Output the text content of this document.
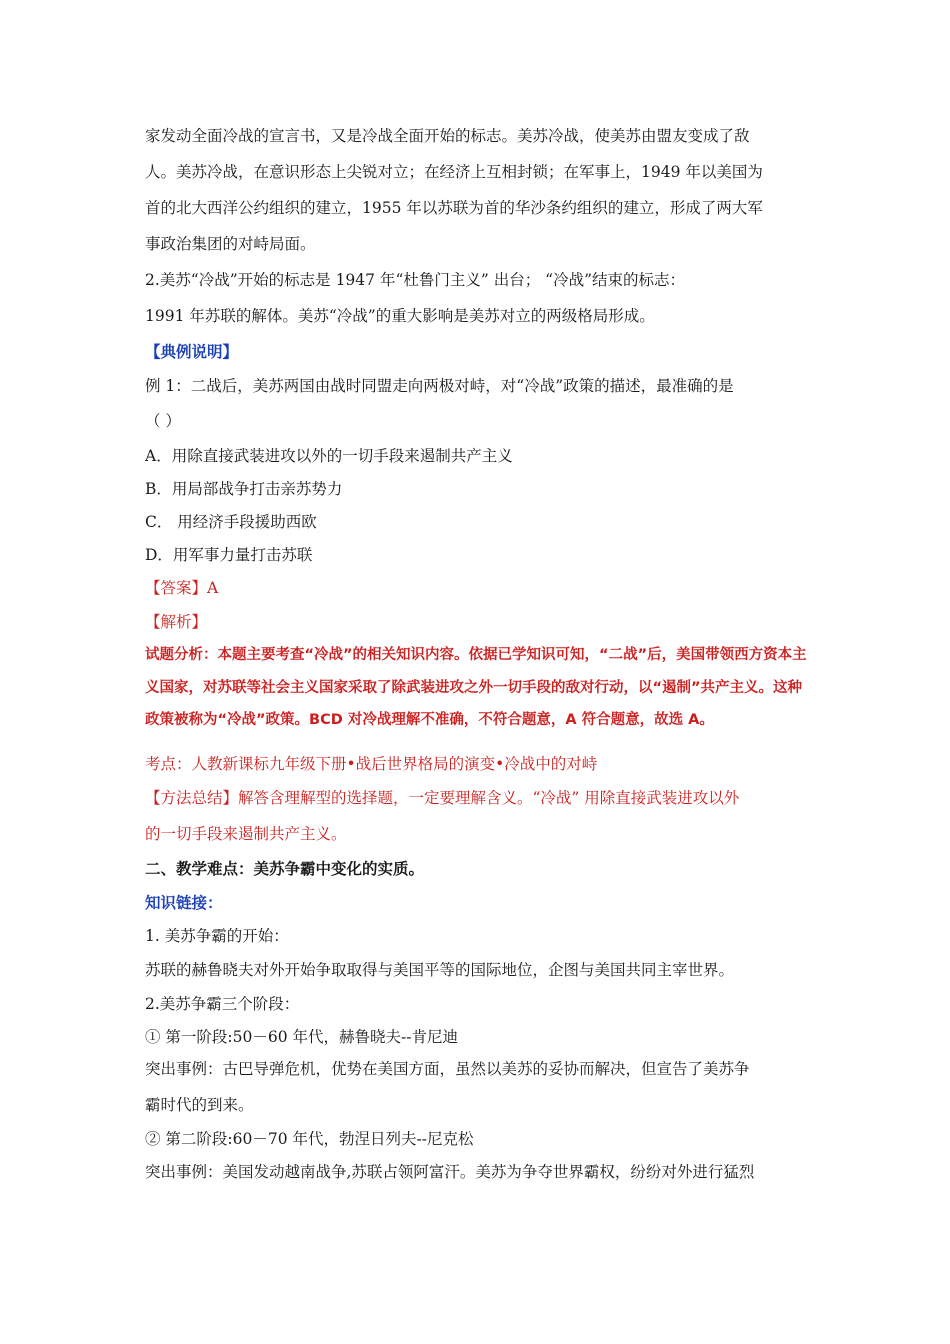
家发动全面冷战的宣言书，又是冷战全面开始的标志。美苏冷战，使美苏由盟友变成了敌
人。美苏冷战，在意识形态上尖锐对立；在经济上互相封锁；在军事上，1949 年以美国为
首的北大西洋公约组织的建立，1955 年以苏联为首的华沙条约组织的建立，形成了两大军
事政治集团的对峙局面。
2.美苏“冷战”开始的标志是 1947 年“杜鲁门主义” 出台； “冷战”结束的标志：
1991 年苏联的解体。美苏“冷战”的重大影响是美苏对立的两级格局形成。
【典例说明】
例 1：二战后，美苏两国由战时同盟走向两极对峙，对“冷战”政策的描述，最准确的是
（ ）
A．用除直接武装进攻以外的一切手段来遏制共产主义
B．用局部战争打击亲苏势力
C． 用经济手段援助西欧
D．用军事力量打击苏联
【答案】A
【解析】
试题分析：本题主要考查“冷战”的相关知识内容。依据已学知识可知，“二战”后，美国带领西方资本主
义国家，对苏联等社会主义国家采取了除武装进攻之外一切手段的敌对行动，以“遏制”共产主义。这种
政策被称为“冷战”政策。BCD 对冷战理解不准确，不符合题意，A 符合题意，故选 A。
考点：人教新课标九年级下册•战后世界格局的演变•冷战中的对峙
【方法总结】解答含理解型的选择题，一定要理解含义。“冷战” 用除直接武装进攻以外
的一切手段来遏制共产主义。
二、教学难点：美苏争霸中变化的实质。
知识链接：
1. 美苏争霸的开始：
苏联的赫鲁晓夫对外开始争取取得与美国平等的国际地位，企图与美国共同主宰世界。
2.美苏争霸三个阶段：
① 第一阶段:50－60 年代，赫鲁晓夫--肯尼迪
突出事例：古巴导弹危机，优势在美国方面，虽然以美苏的妥协而解决，但宣告了美苏争
霸时代的到来。
② 第二阶段:60－70 年代，勃涅日列夫--尼克松
突出事例：美国发动越南战争,苏联占领阿富汗。美苏为争夺世界霸权，纷纷对外进行猛烈
